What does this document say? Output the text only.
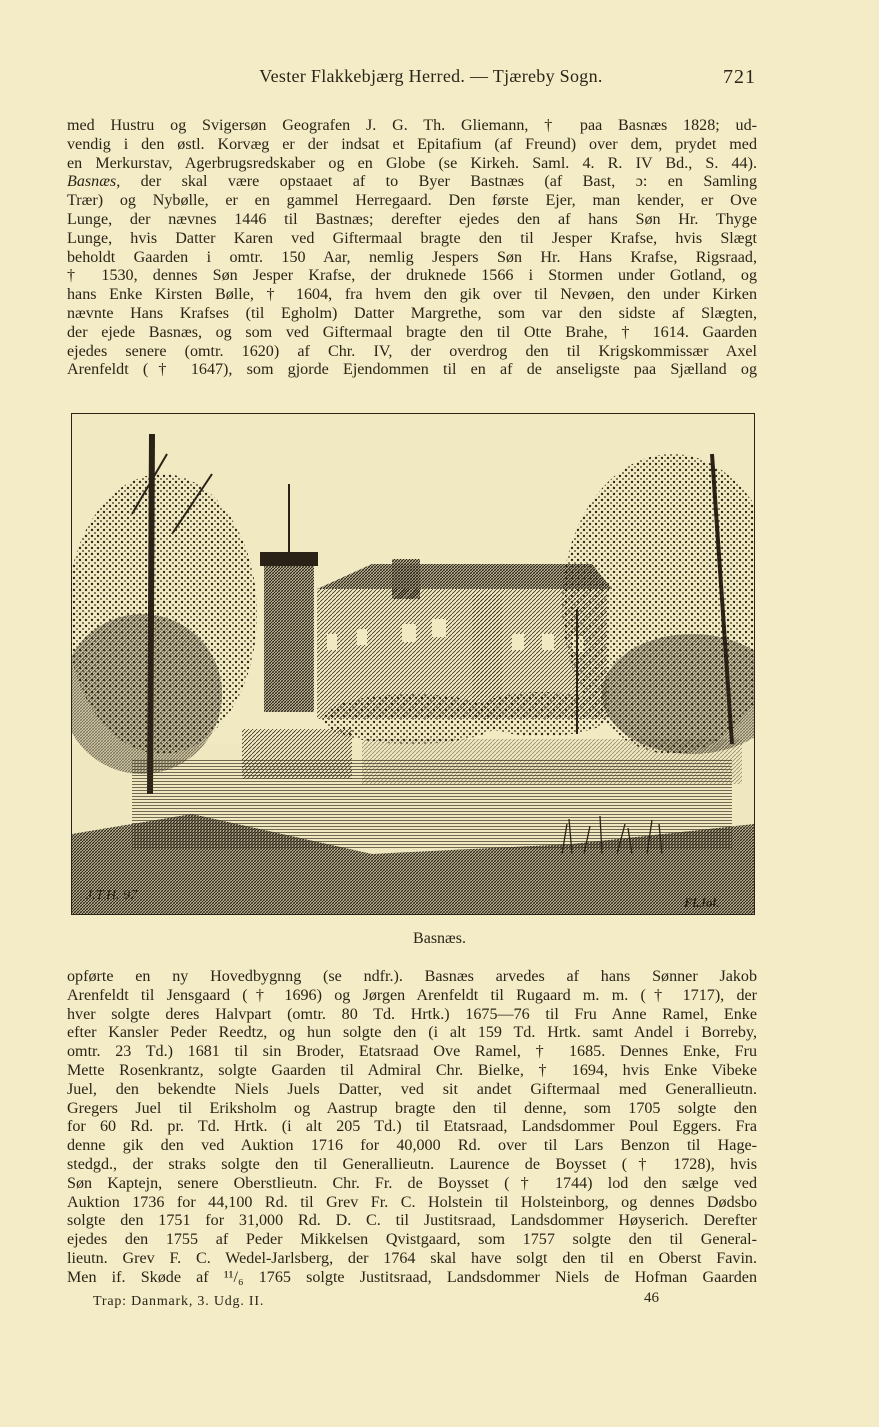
Vester Flakkebjærg Herred. — Tjæreby Sogn.	721
med Hustru og Svigersøn Geografen J. G. Th. Gliemann, † paa Basnæs 1828; ud-
vendig i den østl. Korvæg er der indsat et Epitafium (af Freund) over dem, prydet med
en Merkurstav, Agerbrugsredskaber og en Globe (se Kirkeh. Saml. 4. R. IV Bd., S. 44).
Basnæs, der skal være opstaaet af to Byer Bastnæs (af Bast, ɔ: en Samling
Trær) og Nybølle, er en gammel Herregaard. Den første Ejer, man kender, er Ove
Lunge, der nævnes 1446 til Bastnæs; derefter ejedes den af hans Søn Hr. Thyge
Lunge, hvis Datter Karen ved Giftermaal bragte den til Jesper Krafse, hvis Slægt
beholdt Gaarden i omtr. 150 Aar, nemlig Jespers Søn Hr. Hans Krafse, Rigsraad,
† 1530, dennes Søn Jesper Krafse, der druknede 1566 i Stormen under Gotland, og
hans Enke Kirsten Bølle, † 1604, fra hvem den gik over til Nevøen, den under Kirken
nævnte Hans Krafses (til Egholm) Datter Margrethe, som var den sidste af Slægten,
der ejede Basnæs, og som ved Giftermaal bragte den til Otte Brahe, † 1614. Gaarden
ejedes senere (omtr. 1620) af Chr. IV, der overdrog den til Krigskommissær Axel
Arenfeldt († 1647), som gjorde Ejendommen til en af de anseligste paa Sjælland og
J.T.H. 97	Fl.Jol.
Basnæs.
opførte en ny Hovedbygnng (se ndfr.). Basnæs arvedes af hans Sønner Jakob
Arenfeldt til Jensgaard († 1696) og Jørgen Arenfeldt til Rugaard m. m. († 1717), der
hver solgte deres Halvpart (omtr. 80 Td. Hrtk.) 1675—76 til Fru Anne Ramel, Enke
efter Kansler Peder Reedtz, og hun solgte den (i alt 159 Td. Hrtk. samt Andel i Borreby,
omtr. 23 Td.) 1681 til sin Broder, Etatsraad Ove Ramel, † 1685. Dennes Enke, Fru
Mette Rosenkrantz, solgte Gaarden til Admiral Chr. Bielke, † 1694, hvis Enke Vibeke
Juel, den bekendte Niels Juels Datter, ved sit andet Giftermaal med Generallieutn.
Gregers Juel til Eriksholm og Aastrup bragte den til denne, som 1705 solgte den
for 60 Rd. pr. Td. Hrtk. (i alt 205 Td.) til Etatsraad, Landsdommer Poul Eggers. Fra
denne gik den ved Auktion 1716 for 40,000 Rd. over til Lars Benzon til Hage-
stedgd., der straks solgte den til Generallieutn. Laurence de Boysset († 1728), hvis
Søn Kaptejn, senere Oberstlieutn. Chr. Fr. de Boysset († 1744) lod den sælge ved
Auktion 1736 for 44,100 Rd. til Grev Fr. C. Holstein til Holsteinborg, og dennes Dødsbo
solgte den 1751 for 31,000 Rd. D. C. til Justitsraad, Landsdommer Høyserich. Derefter
ejedes den 1755 af Peder Mikkelsen Qvistgaard, som 1757 solgte den til General-
lieutn. Grev F. C. Wedel-Jarlsberg, der 1764 skal have solgt den til en Oberst Favin.
Men if. Skøde af ¹¹/₆ 1765 solgte Justitsraad, Landsdommer Niels de Hofman Gaarden
Trap: Danmark, 3. Udg. II.	46
